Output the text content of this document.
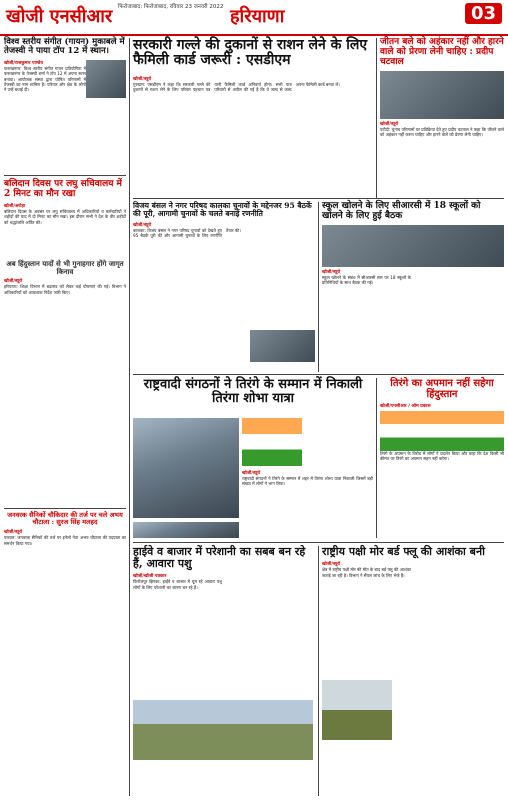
खोजी एनसीआर फिरोजाबाद: फिरोजाबाद, रविवार 23 जनवरी 2022 हरियाणा	03
विश्व स्तरीय संगीत (गायन) मुकाबले में तेजस्वी ने पाया टॉप 12 में स्थान।
खोजी/राजकुमार पाण्डेय
फरूखनगर: विश्व स्तरीय संगीत गायन प्रतियोगिता में फरूखनगर के तेजस्वी शर्मा ने टॉप 12 में अपना स्थान बनाया। आयोजक संस्था द्वारा घोषित परिणामों में तेजस्वी का नाम शामिल है। परिवार और क्षेत्र के लोगों ने उन्हें बधाई दी।
बलिदान दिवस पर लघु सचिवालय में 2 मिनट का मौन रखा
खोजी/अरोड़ा
बलिदान दिवस के अवसर पर लघु सचिवालय में अधिकारियों व कर्मचारियों ने शहीदों की याद में दो मिनट का मौन रखा। इस दौरान सभी ने देश के वीर शहीदों को श्रद्धांजलि अर्पित की।
अब हिंदुस्तान यादों से भी गुनाहगार होंगे जागृत किनाव
खोजी/ब्यूरो
हरियाणा: शिक्षा विभाग में बदलाव को लेकर कई घोषणाएं की गई। विभाग ने अधिकारियों को आवश्यक निर्देश जारी किए।
जनवरक सैनिकों चौकिदार की तर्ज पर चले अभय चौटाला : सुरज सिंह मलहद
खोजी/ब्यूरो
पलवल: जनवरक सैनिकों की तर्ज पर इनेलो नेता अभय चौटाला की पदयात्रा का समर्थन किया गया।
सरकारी गल्ले की दुकानों से राशन लेने के लिए फैमिली कार्ड जरूरी : एसडीएम
खोजी/ब्यूरो
गुरुग्राम: एसडीएम ने कहा कि सरकारी गल्ले की दुकानों से राशन लेने के लिए परिवार पहचान पत्र यानी फैमिली कार्ड अनिवार्य होगा। सभी पात्र परिवारों से अपील की गई है कि वे जल्द से जल्द अपना फैमिली कार्ड बनवा लें।
जीतन बले को अहंकार नहीं और हारने वाले को प्रेरणा लेनी चाहिए : प्रदीप चटवाल
खोजी/ब्यूरो
पटौदी: चुनाव परिणामों पर प्रतिक्रिया देते हुए प्रदीप चटवाल ने कहा कि जीतने वाले को अहंकार नहीं करना चाहिए और हारने वाले को प्रेरणा लेनी चाहिए।
विजय बंसल ने नगर परिषद कालका चुनावों के मद्देनजर 95 बैठकें की पूरी, आगामी चुनावों के चलते बनाई रणनीति
खोजी/ब्यूरो
कालका: विजय बंसल ने नगर परिषद चुनावों को देखते हुए 95 बैठकें पूरी कीं और आगामी चुनावों के लिए रणनीति तैयार की।
स्कूल खोलने के लिए सीआरसी में 18 स्कूलों को खोलने के लिए हुई बैठक
खोजी/ब्यूरो
स्कूल खोलने के संबंध में सीआरसी स्तर पर 18 स्कूलों के प्रतिनिधियों के साथ बैठक की गई।
राष्ट्रवादी संगठनों ने तिरंगे के सम्मान में निकाली तिरंगा शोभा यात्रा
खोजी/ब्यूरो
राष्ट्रवादी संगठनों ने तिरंगे के सम्मान में शहर में तिरंगा शोभा यात्रा निकाली जिसमें बड़ी संख्या में लोगों ने भाग लिया।
तिरंगे का अपमान नहीं सहेगा हिंदुस्तान
खोजी/एनसीआर / ओम प्रकाश
तिरंगे के अपमान के विरोध में लोगों ने प्रदर्शन किया और कहा कि देश किसी भी कीमत पर तिरंगे का अपमान सहन नहीं करेगा।
हाईवे व बाजार में परेशानी का सबब बन रहे हैं, आवारा पशु
खोजी/खोजी पत्रकार
फिरोजपुर झिरका: हाईवे व बाजार में घूम रहे आवारा पशु लोगों के लिए परेशानी का कारण बन रहे हैं।
राष्ट्रीय पक्षी मोर बर्ड फ्लू की आशंका बनी
खोजी/ब्यूरो
क्षेत्र में राष्ट्रीय पक्षी मोर की मौत के बाद बर्ड फ्लू की आशंका जताई जा रही है। विभाग ने सैंपल जांच के लिए भेजे हैं।
